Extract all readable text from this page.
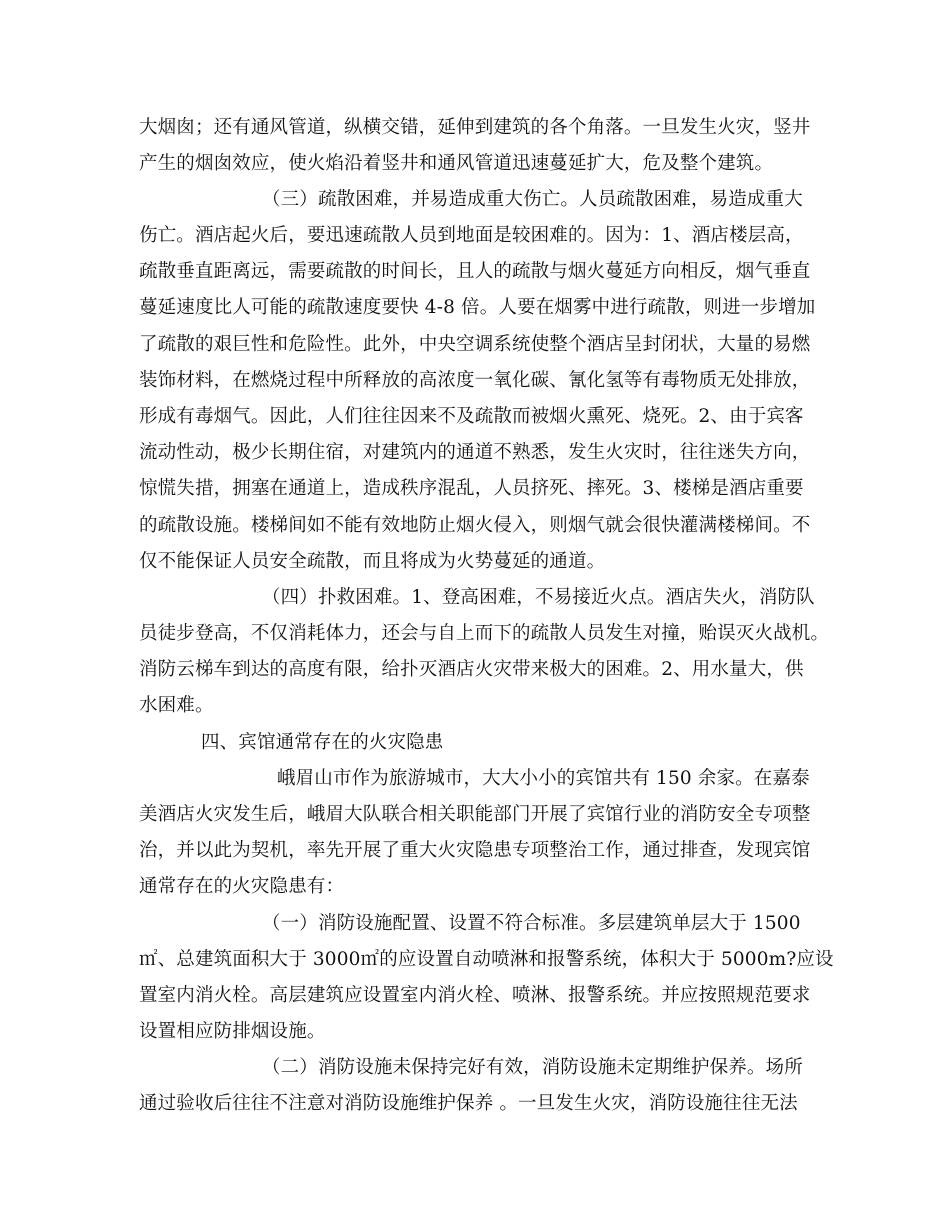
大烟囱；还有通风管道，纵横交错，延伸到建筑的各个角落。一旦发生火灾，竖井
产生的烟囱效应，使火焰沿着竖井和通风管道迅速蔓延扩大，危及整个建筑。
（三）疏散困难，并易造成重大伤亡。人员疏散困难，易造成重大
伤亡。酒店起火后，要迅速疏散人员到地面是较困难的。因为：1、酒店楼层高，
疏散垂直距离远，需要疏散的时间长，且人的疏散与烟火蔓延方向相反，烟气垂直
蔓延速度比人可能的疏散速度要快 4-8 倍。人要在烟雾中进行疏散，则进一步增加
了疏散的艰巨性和危险性。此外，中央空调系统使整个酒店呈封闭状，大量的易燃
装饰材料，在燃烧过程中所释放的高浓度一氧化碳、氰化氢等有毒物质无处排放，
形成有毒烟气。因此，人们往往因来不及疏散而被烟火熏死、烧死。2、由于宾客
流动性动，极少长期住宿，对建筑内的通道不熟悉，发生火灾时，往往迷失方向，
惊慌失措，拥塞在通道上，造成秩序混乱，人员挤死、摔死。3、楼梯是酒店重要
的疏散设施。楼梯间如不能有效地防止烟火侵入，则烟气就会很快灌满楼梯间。不
仅不能保证人员安全疏散，而且将成为火势蔓延的通道。
（四）扑救困难。1、登高困难，不易接近火点。酒店失火，消防队
员徒步登高，不仅消耗体力，还会与自上而下的疏散人员发生对撞，贻误灭火战机。
消防云梯车到达的高度有限，给扑灭酒店火灾带来极大的困难。2、用水量大，供
水困难。
四、宾馆通常存在的火灾隐患
峨眉山市作为旅游城市，大大小小的宾馆共有 150 余家。在嘉泰
美酒店火灾发生后，峨眉大队联合相关职能部门开展了宾馆行业的消防安全专项整
治，并以此为契机，率先开展了重大火灾隐患专项整治工作，通过排查，发现宾馆
通常存在的火灾隐患有：
（一）消防设施配置、设置不符合标准。多层建筑单层大于 1500
㎡、总建筑面积大于 3000㎡的应设置自动喷淋和报警系统，体积大于 5000m?应设
置室内消火栓。高层建筑应设置室内消火栓、喷淋、报警系统。并应按照规范要求
设置相应防排烟设施。
（二）消防设施未保持完好有效，消防设施未定期维护保养。场所
通过验收后往往不注意对消防设施维护保养 。一旦发生火灾，消防设施往往无法
